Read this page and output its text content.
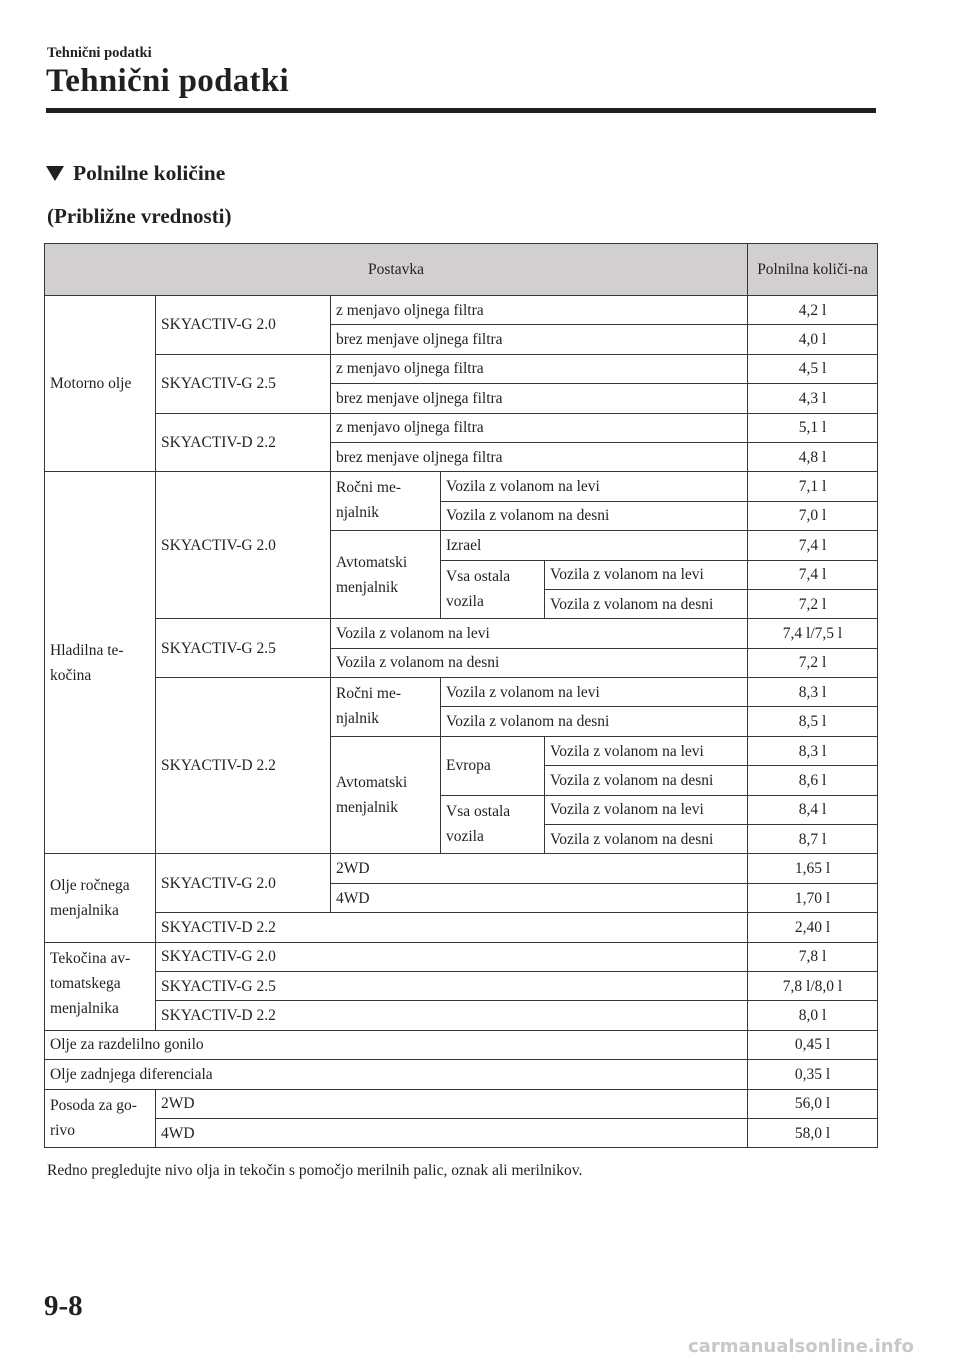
Tehnični podatki
Tehnični podatki
Polnilne količine
(Približne vrednosti)
Postavka					Polnilna količi-na
Motorno olje	SKYACTIV-G 2.0	z menjavo oljnega filtra			4,2 l
		brez menjave oljnega filtra			4,0 l
	SKYACTIV-G 2.5	z menjavo oljnega filtra			4,5 l
		brez menjave oljnega filtra			4,3 l
	SKYACTIV-D 2.2	z menjavo oljnega filtra			5,1 l
		brez menjave oljnega filtra			4,8 l
Hladilna te-kočina	SKYACTIV-G 2.0	Ročni me-njalnik	Vozila z volanom na levi		7,1 l
			Vozila z volanom na desni		7,0 l
		Avtomatski menjalnik	Izrael		7,4 l
			Vsa ostala vozila	Vozila z volanom na levi	7,4 l
				Vozila z volanom na desni	7,2 l
	SKYACTIV-G 2.5	Vozila z volanom na levi			7,4 l/7,5 l
		Vozila z volanom na desni			7,2 l
	SKYACTIV-D 2.2	Ročni me-njalnik	Vozila z volanom na levi		8,3 l
			Vozila z volanom na desni		8,5 l
		Avtomatski menjalnik	Evropa	Vozila z volanom na levi	8,3 l
				Vozila z volanom na desni	8,6 l
			Vsa ostala vozila	Vozila z volanom na levi	8,4 l
				Vozila z volanom na desni	8,7 l
Olje ročnega menjalnika	SKYACTIV-G 2.0	2WD			1,65 l
		4WD			1,70 l
	SKYACTIV-D 2.2				2,40 l
Tekočina av-tomatskega menjalnika	SKYACTIV-G 2.0				7,8 l
	SKYACTIV-G 2.5				7,8 l/8,0 l
	SKYACTIV-D 2.2				8,0 l
Olje za razdelilno gonilo					0,45 l
Olje zadnjega diferenciala					0,35 l
Posoda za go-rivo	2WD				56,0 l
	4WD				58,0 l
Redno pregledujte nivo olja in tekočin s pomočjo merilnih palic, oznak ali merilnikov.
9-8
carmanualsonline.info
